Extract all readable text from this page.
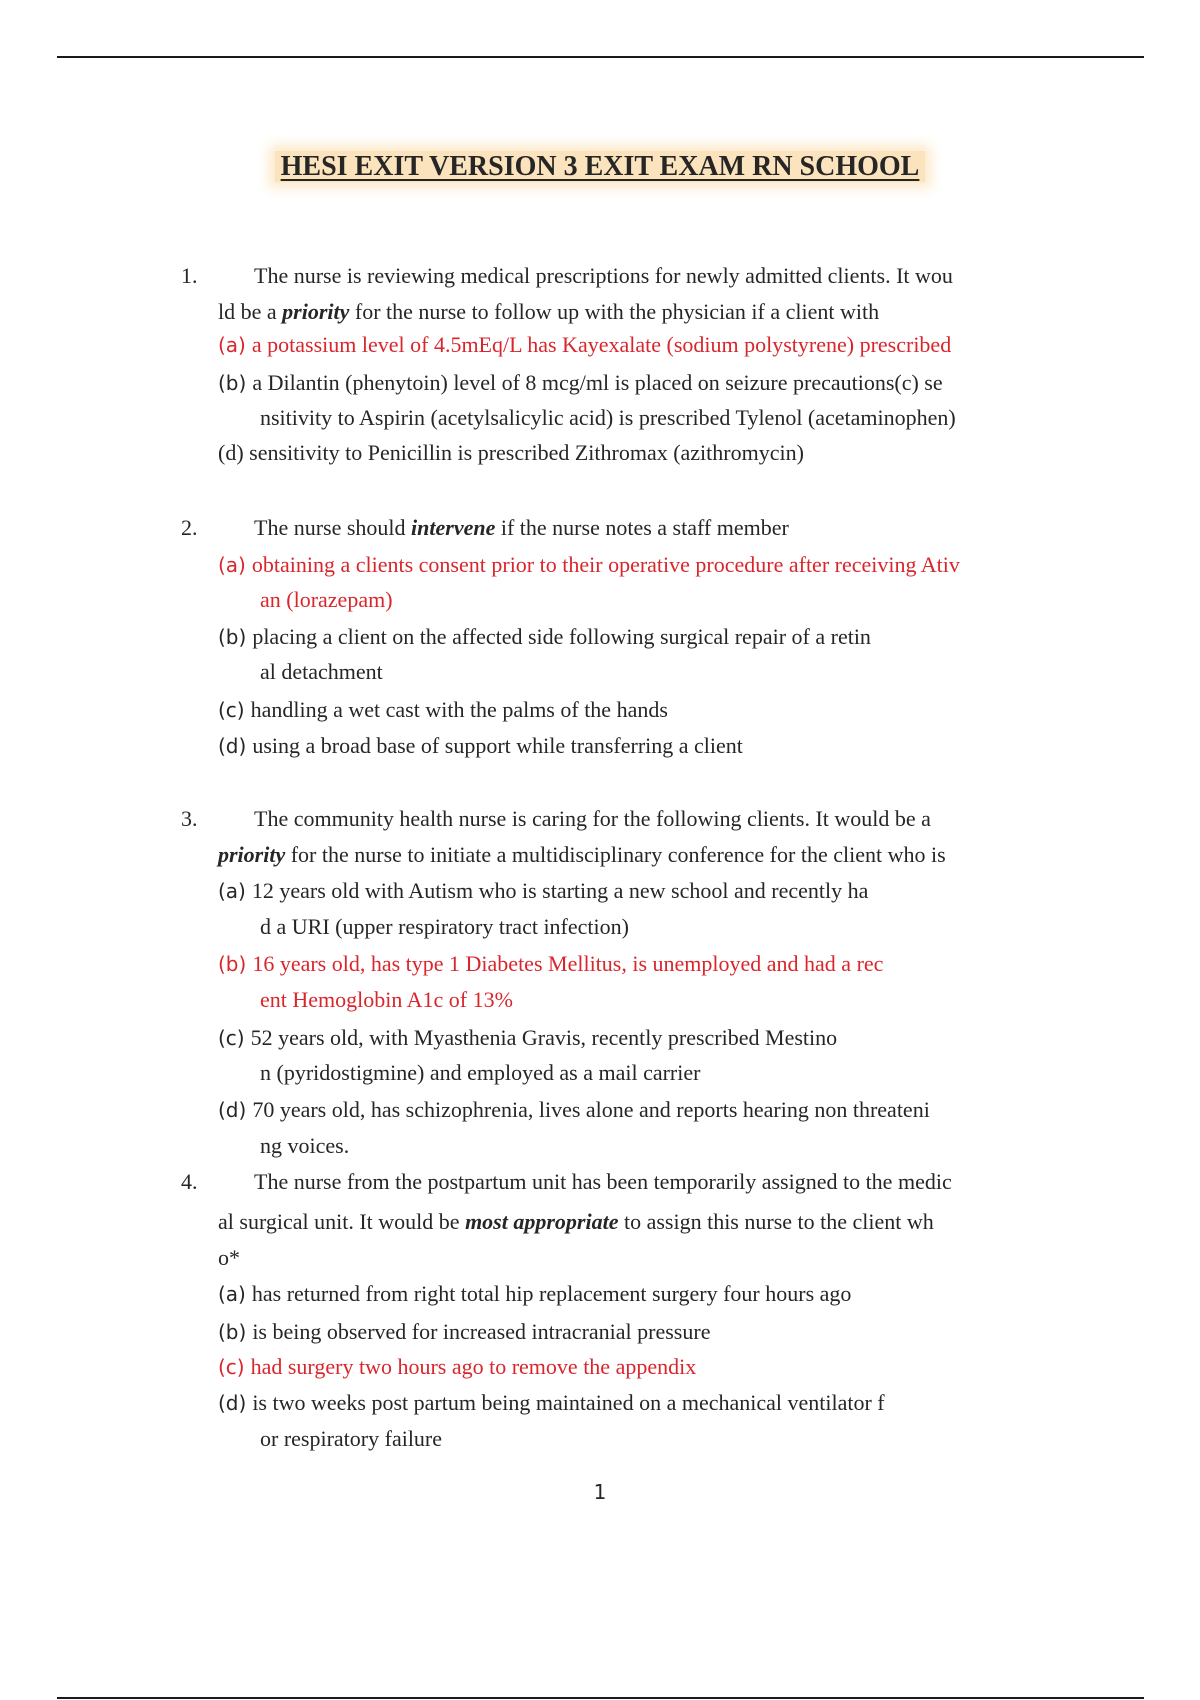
HESI EXIT VERSION 3 EXIT EXAM RN SCHOOL
1.	The nurse is reviewing medical prescriptions for newly admitted clients. It wou
ld be a priority for the nurse to follow up with the physician if a client with
(a) a potassium level of 4.5mEq/L has Kayexalate (sodium polystyrene) prescribed
(b) a Dilantin (phenytoin) level of 8 mcg/ml is placed on seizure precautions(c) se
nsitivity to Aspirin (acetylsalicylic acid) is prescribed Tylenol (acetaminophen)
(d) sensitivity to Penicillin is prescribed Zithromax (azithromycin)
2.	The nurse should intervene if the nurse notes a staff member
(a) obtaining a clients consent prior to their operative procedure after receiving Ativ
an (lorazepam)
(b) placing a client on the affected side following surgical repair of a retin
al detachment
(c) handling a wet cast with the palms of the hands
(d) using a broad base of support while transferring a client
3.	The community health nurse is caring for the following clients. It would be a
priority for the nurse to initiate a multidisciplinary conference for the client who is
(a) 12 years old with Autism who is starting a new school and recently ha
d a URI (upper respiratory tract infection)
(b) 16 years old, has type 1 Diabetes Mellitus, is unemployed and had a rec
ent Hemoglobin A1c of 13%
(c) 52 years old, with Myasthenia Gravis, recently prescribed Mestino
n (pyridostigmine) and employed as a mail carrier
(d) 70 years old, has schizophrenia, lives alone and reports hearing non threateni
ng voices.
4.	The nurse from the postpartum unit has been temporarily assigned to the medic
al surgical unit. It would be most appropriate to assign this nurse to the client wh
o*
(a) has returned from right total hip replacement surgery four hours ago
(b) is being observed for increased intracranial pressure
(c) had surgery two hours ago to remove the appendix
(d) is two weeks post partum being maintained on a mechanical ventilator f
or respiratory failure
1
